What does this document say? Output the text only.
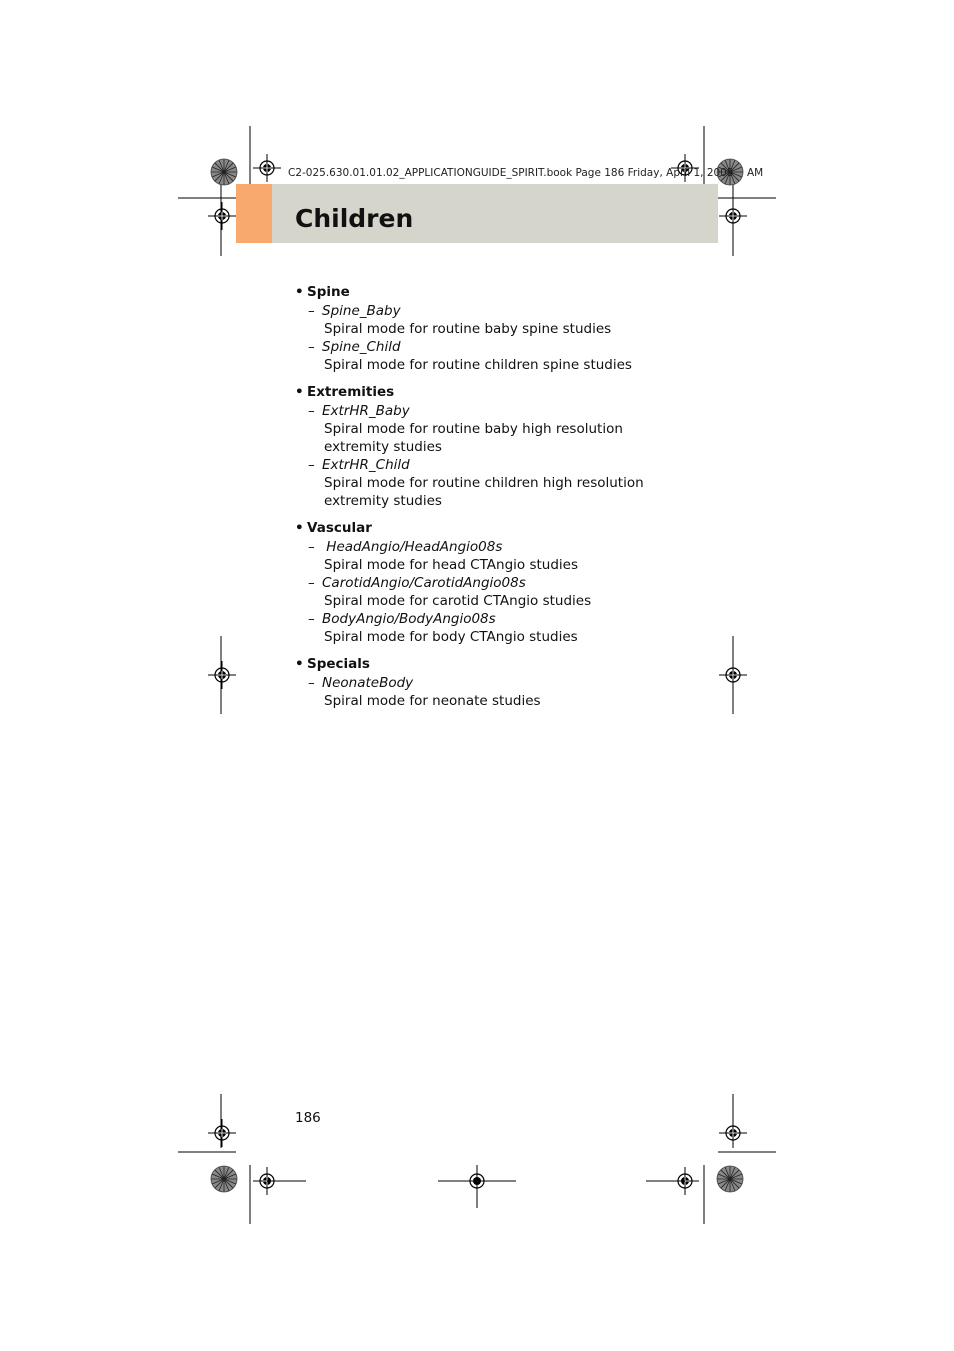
C2-025.630.01.01.02_APPLICATIONGUIDE_SPIRIT.book Page 186 Friday, April 1, 2005 AM
Children
• Spine
– Spine_Baby
Spiral mode for routine baby spine studies
– Spine_Child
Spiral mode for routine children spine studies
• Extremities
– ExtrHR_Baby
Spiral mode for routine baby high resolution
extremity studies
– ExtrHR_Child
Spiral mode for routine children high resolution
extremity studies
• Vascular
– HeadAngio/HeadAngio08s
Spiral mode for head CTAngio studies
– CarotidAngio/CarotidAngio08s
Spiral mode for carotid CTAngio studies
– BodyAngio/BodyAngio08s
Spiral mode for body CTAngio studies
• Specials
– NeonateBody
Spiral mode for neonate studies
186
